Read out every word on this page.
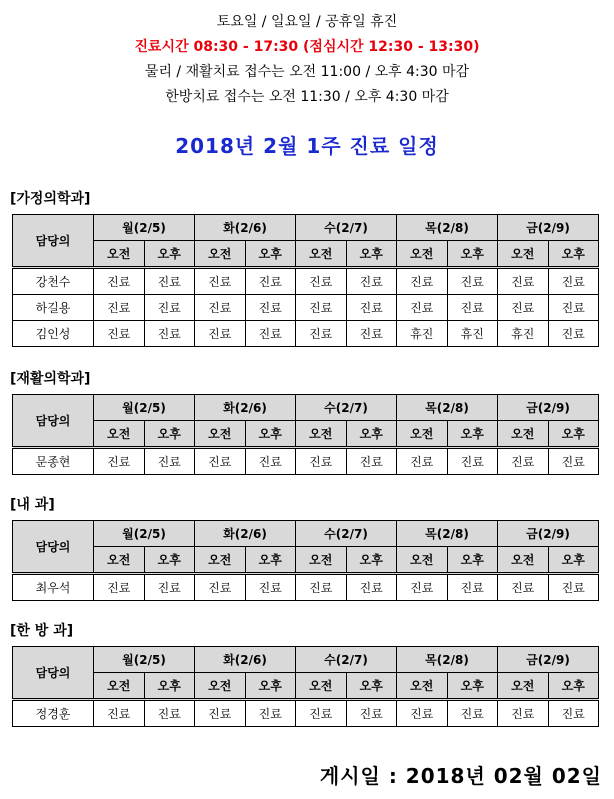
토요일 / 일요일 / 공휴일 휴진
진료시간 08:30 - 17:30 (점심시간 12:30 - 13:30)
물리 / 재활치료 접수는 오전 11:00 / 오후 4:30 마감
한방치료 접수는 오전 11:30 / 오후 4:30 마감
2018년 2월 1주 진료 일정
[가정의학과]
담당의	월(2/5)		화(2/6)		수(2/7)		목(2/8)		금(2/9)	
	오전	오후	오전	오후	오전	오후	오전	오후	오전	오후
강천수	진료	진료	진료	진료	진료	진료	진료	진료	진료	진료
하길용	진료	진료	진료	진료	진료	진료	진료	진료	진료	진료
김인성	진료	진료	진료	진료	진료	진료	휴진	휴진	휴진	진료
[재활의학과]
담당의	월(2/5)		화(2/6)		수(2/7)		목(2/8)		금(2/9)	
	오전	오후	오전	오후	오전	오후	오전	오후	오전	오후
문종현	진료	진료	진료	진료	진료	진료	진료	진료	진료	진료
[내 과]
담당의	월(2/5)		화(2/6)		수(2/7)		목(2/8)		금(2/9)	
	오전	오후	오전	오후	오전	오후	오전	오후	오전	오후
최우석	진료	진료	진료	진료	진료	진료	진료	진료	진료	진료
[한 방 과]
담당의	월(2/5)		화(2/6)		수(2/7)		목(2/8)		금(2/9)	
	오전	오후	오전	오후	오전	오후	오전	오후	오전	오후
정경훈	진료	진료	진료	진료	진료	진료	진료	진료	진료	진료
게시일 : 2018년 02월 02일
